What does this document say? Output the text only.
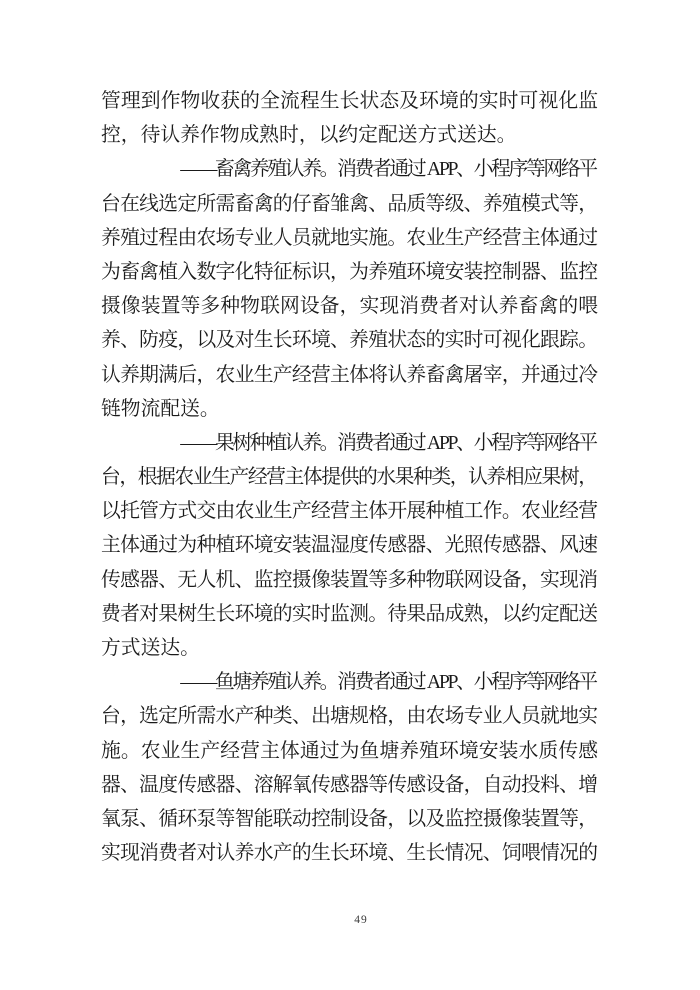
管理到作物收获的全流程生长状态及环境的实时可视化监
控，待认养作物成熟时，以约定配送方式送达。
——畜禽养殖认养。消费者通过 APP、小程序等网络平
台在线选定所需畜禽的仔畜雏禽、品质等级、养殖模式等，
养殖过程由农场专业人员就地实施。农业生产经营主体通过
为畜禽植入数字化特征标识，为养殖环境安装控制器、监控
摄像装置等多种物联网设备，实现消费者对认养畜禽的喂
养、防疫，以及对生长环境、养殖状态的实时可视化跟踪。
认养期满后，农业生产经营主体将认养畜禽屠宰，并通过冷
链物流配送。
——果树种植认养。消费者通过 APP、小程序等网络平
台，根据农业生产经营主体提供的水果种类，认养相应果树，
以托管方式交由农业生产经营主体开展种植工作。农业经营
主体通过为种植环境安装温湿度传感器、光照传感器、风速
传感器、无人机、监控摄像装置等多种物联网设备，实现消
费者对果树生长环境的实时监测。待果品成熟，以约定配送
方式送达。
——鱼塘养殖认养。消费者通过 APP、小程序等网络平
台，选定所需水产种类、出塘规格，由农场专业人员就地实
施。农业生产经营主体通过为鱼塘养殖环境安装水质传感
器、温度传感器、溶解氧传感器等传感设备，自动投料、增
氧泵、循环泵等智能联动控制设备，以及监控摄像装置等，
实现消费者对认养水产的生长环境、生长情况、饲喂情况的
49
